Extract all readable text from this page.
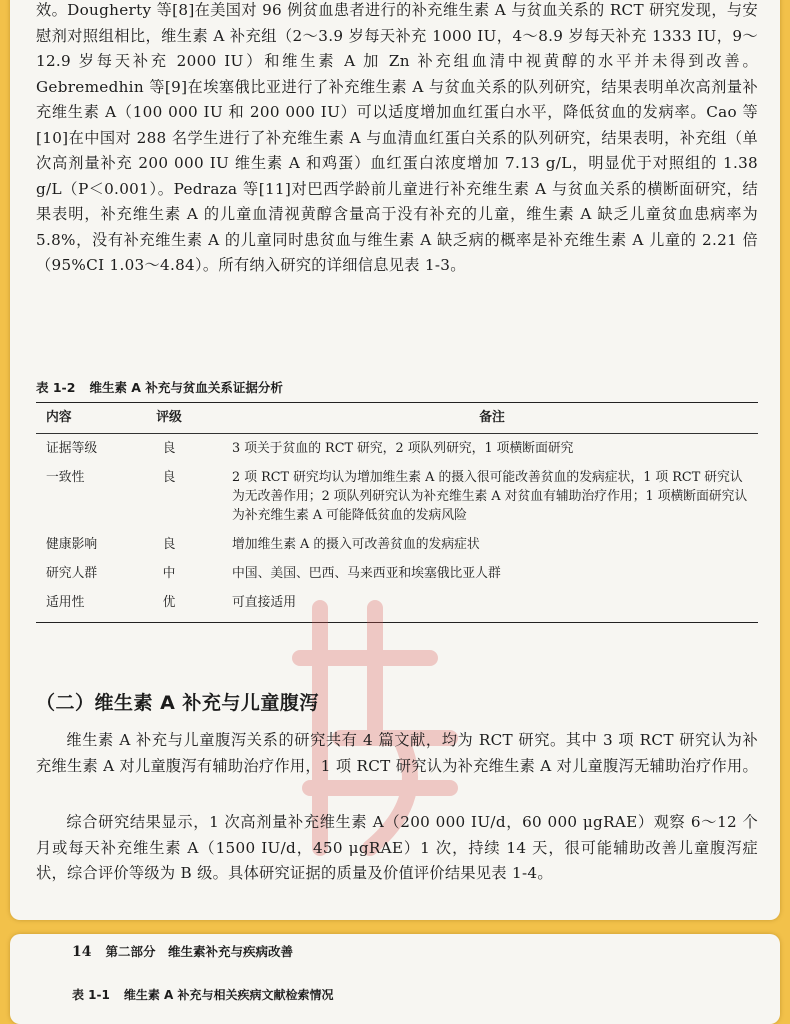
效。Dougherty 等[8]在美国对 96 例贫血患者进行的补充维生素 A 与贫血关系的 RCT 研究发现，与安慰剂对照组相比，维生素 A 补充组（2～3.9 岁每天补充 1000 IU，4～8.9 岁每天补充 1333 IU，9～12.9 岁每天补充 2000 IU）和维生素 A 加 Zn 补充组血清中视黄醇的水平并未得到改善。Gebremedhin 等[9]在埃塞俄比亚进行了补充维生素 A 与贫血关系的队列研究，结果表明单次高剂量补充维生素 A（100 000 IU 和 200 000 IU）可以适度增加血红蛋白水平，降低贫血的发病率。Cao 等[10]在中国对 288 名学生进行了补充维生素 A 与血清血红蛋白关系的队列研究，结果表明，补充组（单次高剂量补充 200 000 IU 维生素 A 和鸡蛋）血红蛋白浓度增加 7.13 g/L，明显优于对照组的 1.38 g/L（P＜0.001）。Pedraza 等[11]对巴西学龄前儿童进行补充维生素 A 与贫血关系的横断面研究，结果表明，补充维生素 A 的儿童血清视黄醇含量高于没有补充的儿童，维生素 A 缺乏儿童贫血患病率为 5.8%，没有补充维生素 A 的儿童同时患贫血与维生素 A 缺乏病的概率是补充维生素 A 儿童的 2.21 倍（95%CI 1.03～4.84）。所有纳入研究的详细信息见表 1-3。

表 1-2 维生素 A 补充与贫血关系证据分析

内容	评级	备注
证据等级	良	3 项关于贫血的 RCT 研究，2 项队列研究，1 项横断面研究
一致性	良	2 项 RCT 研究均认为增加维生素 A 的摄入很可能改善贫血的发病症状，1 项 RCT 研究认为无改善作用；2 项队列研究认为补充维生素 A 对贫血有辅助治疗作用；1 项横断面研究认为补充维生素 A 可能降低贫血的发病风险
健康影响	良	增加维生素 A 的摄入可改善贫血的发病症状
研究人群	中	中国、美国、巴西、马来西亚和埃塞俄比亚人群
适用性	优	可直接适用
（二）维生素 A 补充与儿童腹泻

维生素 A 补充与儿童腹泻关系的研究共有 4 篇文献，均为 RCT 研究。其中 3 项 RCT 研究认为补充维生素 A 对儿童腹泻有辅助治疗作用，1 项 RCT 研究认为补充维生素 A 对儿童腹泻无辅助治疗作用。

综合研究结果显示，1 次高剂量补充维生素 A（200 000 IU/d，60 000 μgRAE）观察 6～12 个月或每天补充维生素 A（1500 IU/d，450 μgRAE）1 次，持续 14 天，很可能辅助改善儿童腹泻症状，综合评价等级为 B 级。具体研究证据的质量及价值评价结果见表 1-4。

14 第二部分　维生素补充与疾病改善

表 1-1 维生素 A 补充与相关疾病文献检索情况
